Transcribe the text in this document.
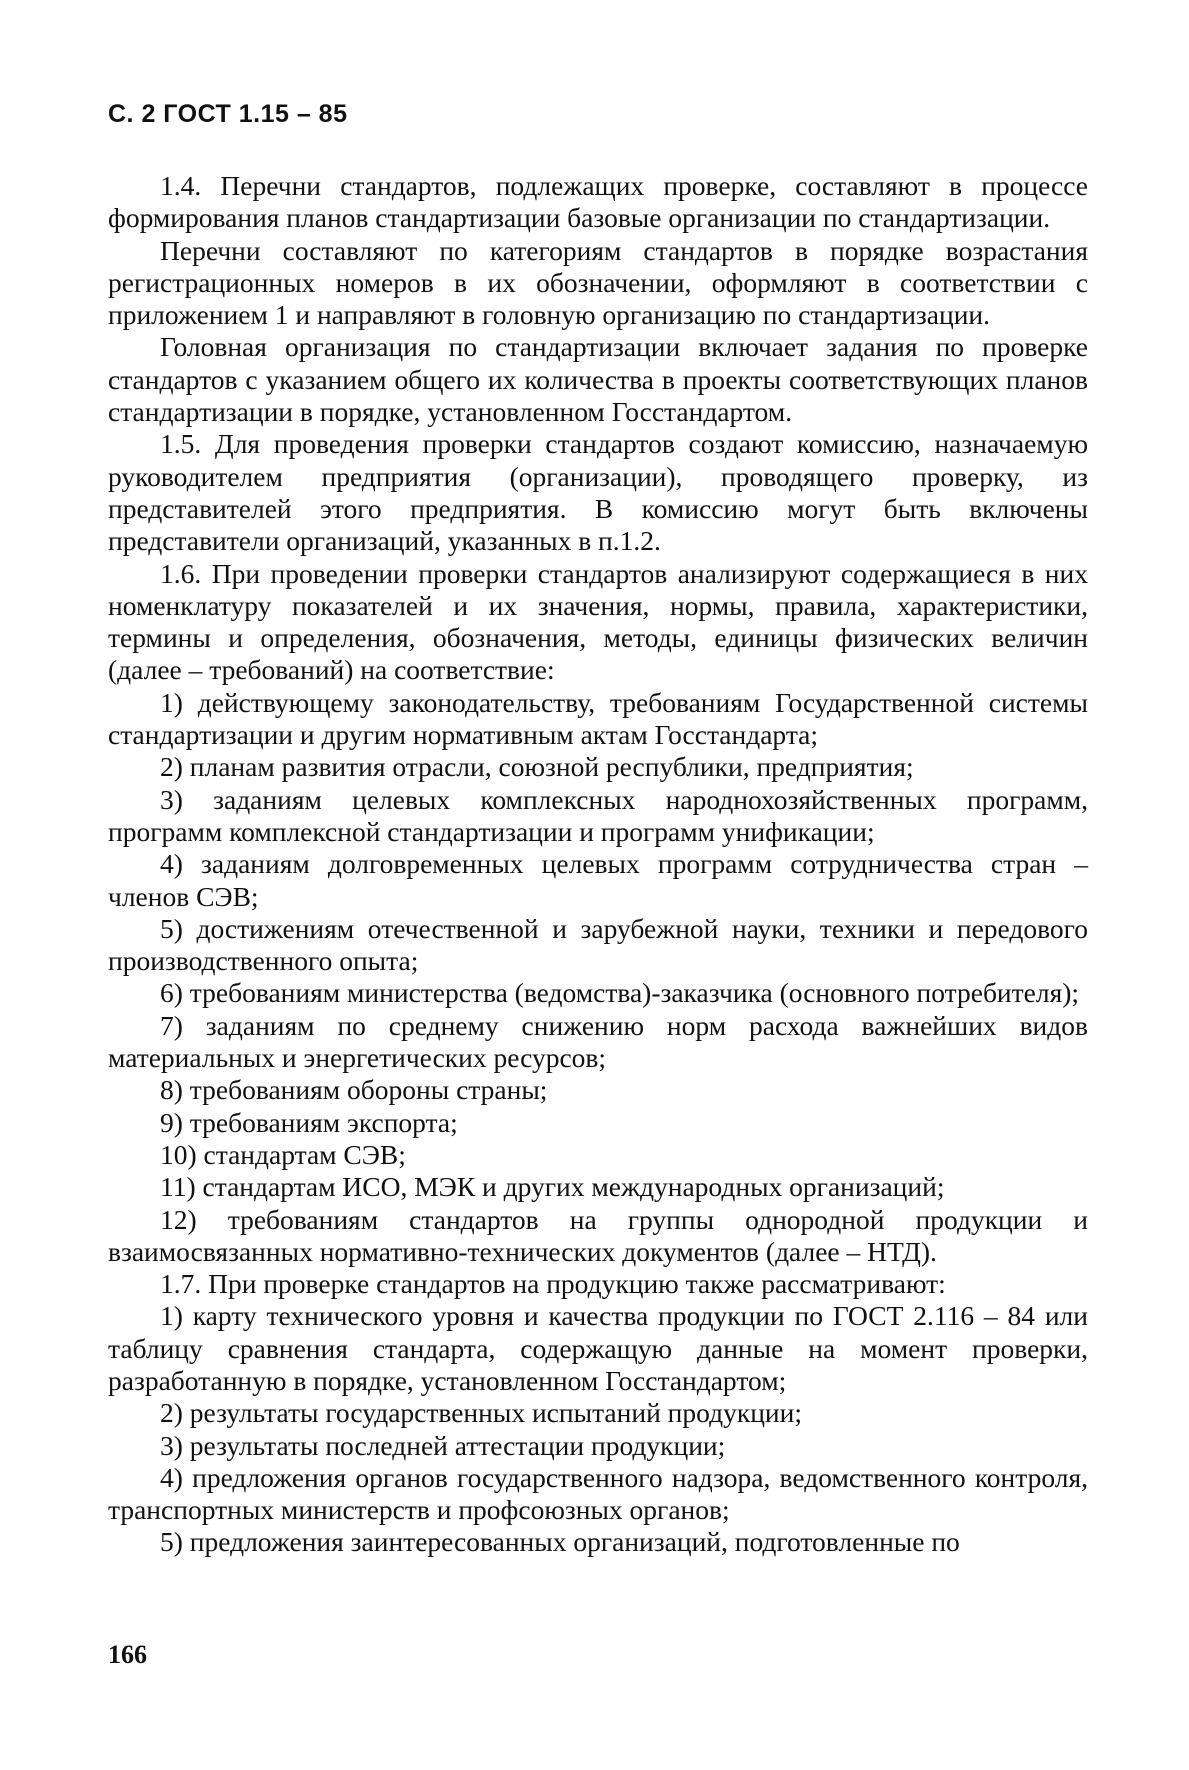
С. 2 ГОСТ 1.15 – 85

1.4. Перечни стандартов, подлежащих проверке, составляют в процессе формирования планов стандартизации базовые организации по стандартизации.

Перечни составляют по категориям стандартов в порядке возрастания регистрационных номеров в их обозначении, оформляют в соответствии с приложением 1 и направляют в головную организацию по стандартизации.

Головная организация по стандартизации включает задания по проверке стандартов с указанием общего их количества в проекты соответствующих планов стандартизации в порядке, установленном Госстандартом.

1.5. Для проведения проверки стандартов создают комиссию, назначаемую руководителем предприятия (организации), проводящего проверку, из представителей этого предприятия. В комиссию могут быть включены представители организаций, указанных в п.1.2.

1.6. При проведении проверки стандартов анализируют содержащиеся в них номенклатуру показателей и их значения, нормы, правила, характеристики, термины и определения, обозначения, методы, единицы физических величин (далее – требований) на соответствие:

1) действующему законодательству, требованиям Государственной системы стандартизации и другим нормативным актам Госстандарта;

2) планам развития отрасли, союзной республики, предприятия;

3) заданиям целевых комплексных народнохозяйственных программ, программ комплексной стандартизации и программ унификации;

4) заданиям долговременных целевых программ сотрудничества стран – членов СЭВ;

5) достижениям отечественной и зарубежной науки, техники и передового производственного опыта;

6) требованиям министерства (ведомства)-заказчика (основного потребителя);

7) заданиям по среднему снижению норм расхода важнейших видов материальных и энергетических ресурсов;

8) требованиям обороны страны;

9) требованиям экспорта;

10) стандартам СЭВ;

11) стандартам ИСО, МЭК и других международных организаций;

12) требованиям стандартов на группы однородной продукции и взаимосвязанных нормативно-технических документов (далее – НТД).

1.7. При проверке стандартов на продукцию также рассматривают:

1) карту технического уровня и качества продукции по ГОСТ 2.116 – 84 или таблицу сравнения стандарта, содержащую данные на момент проверки, разработанную в порядке, установленном Госстандартом;

2) результаты государственных испытаний продукции;

3) результаты последней аттестации продукции;

4) предложения органов государственного надзора, ведомственного контроля, транспортных министерств и профсоюзных органов;

5) предложения заинтересованных организаций, подготовленные по

166
